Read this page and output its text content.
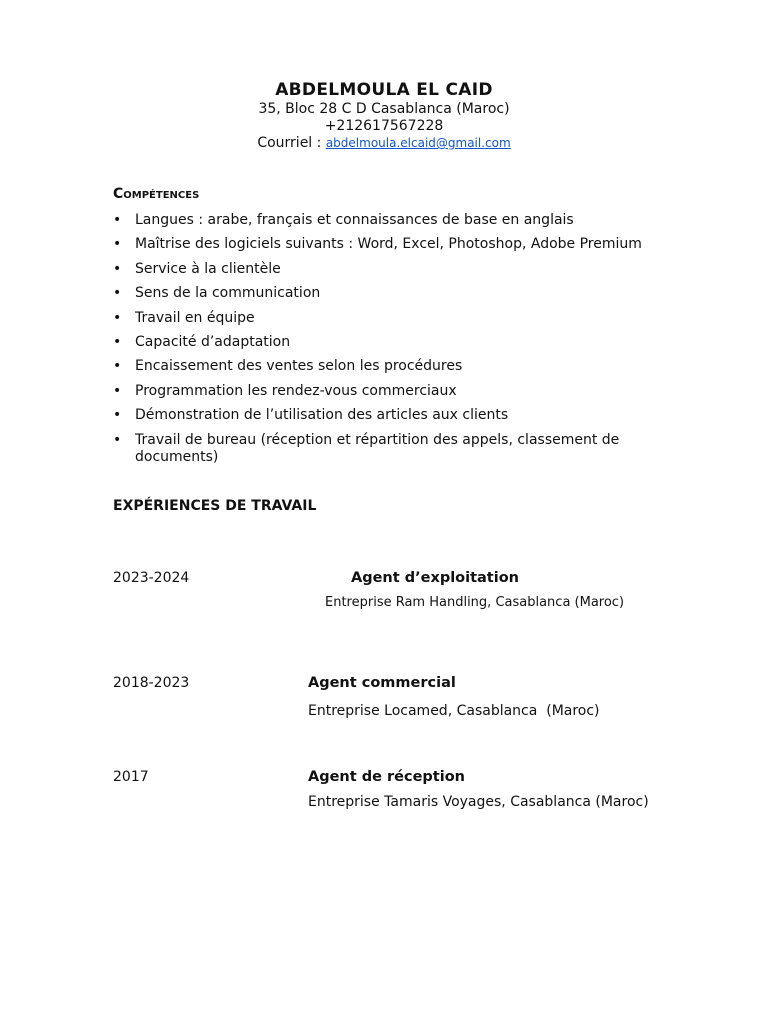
ABDELMOULA EL CAID
35, Bloc 28 C D Casablanca (Maroc)
+212617567228
Courriel : abdelmoula.elcaid@gmail.com
Compétences
• Langues : arabe, français et connaissances de base en anglais
• Maîtrise des logiciels suivants : Word, Excel, Photoshop, Adobe Premium
• Service à la clientèle
• Sens de la communication
• Travail en équipe
• Capacité d’adaptation
• Encaissement des ventes selon les procédures
• Programmation les rendez-vous commerciaux
• Démonstration de l’utilisation des articles aux clients
• Travail de bureau (réception et répartition des appels, classement de documents)
EXPÉRIENCES DE TRAVAIL
2023-2024	Agent d’exploitation
Entreprise Ram Handling, Casablanca (Maroc)
2018-2023	Agent commercial
Entreprise Locamed, Casablanca  (Maroc)
2017	Agent de réception
Entreprise Tamaris Voyages, Casablanca (Maroc)
